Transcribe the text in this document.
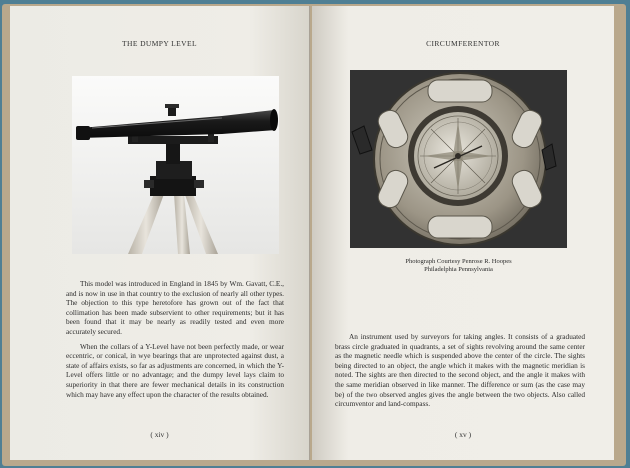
THE DUMPY LEVEL

This model was introduced in England in 1845 by Wm. Gavatt, C.E., and is now in use in that country to the exclusion of nearly all other types. The objection to this type heretofore has grown out of the fact that collimation has been made subservient to other requirements; but it has been found that it may be nearly as readily tested and even more accurately secured.

When the collars of a Y-Level have not been perfectly made, or wear eccentric, or conical, in wye bearings that are unprotected against dust, a state of affairs exists, so far as adjustments are concerned, in which the Y-Level offers little or no advantage; and the dumpy level lays claim to superiority in that there are fewer mechanical details in its construction which may have any effect upon the character of the results obtained.

( xiv )
CIRCUMFERENTOR
Photograph Courtesy Penrose R. Hoopes
Philadelphia Pennsylvania

An instrument used by surveyors for taking angles. It consists of a graduated brass circle graduated in quadrants, a set of sights revolving around the same center as the magnetic needle which is suspended above the center of the circle. The sights being directed to an object, the angle which it makes with the magnetic meridian is noted. The sights are then directed to the second object, and the angle it makes with the same meridian observed in like manner. The difference or sum (as the case may be) of the two observed angles gives the angle between the two objects. Also called circumventor and land-compass.

( xv )
